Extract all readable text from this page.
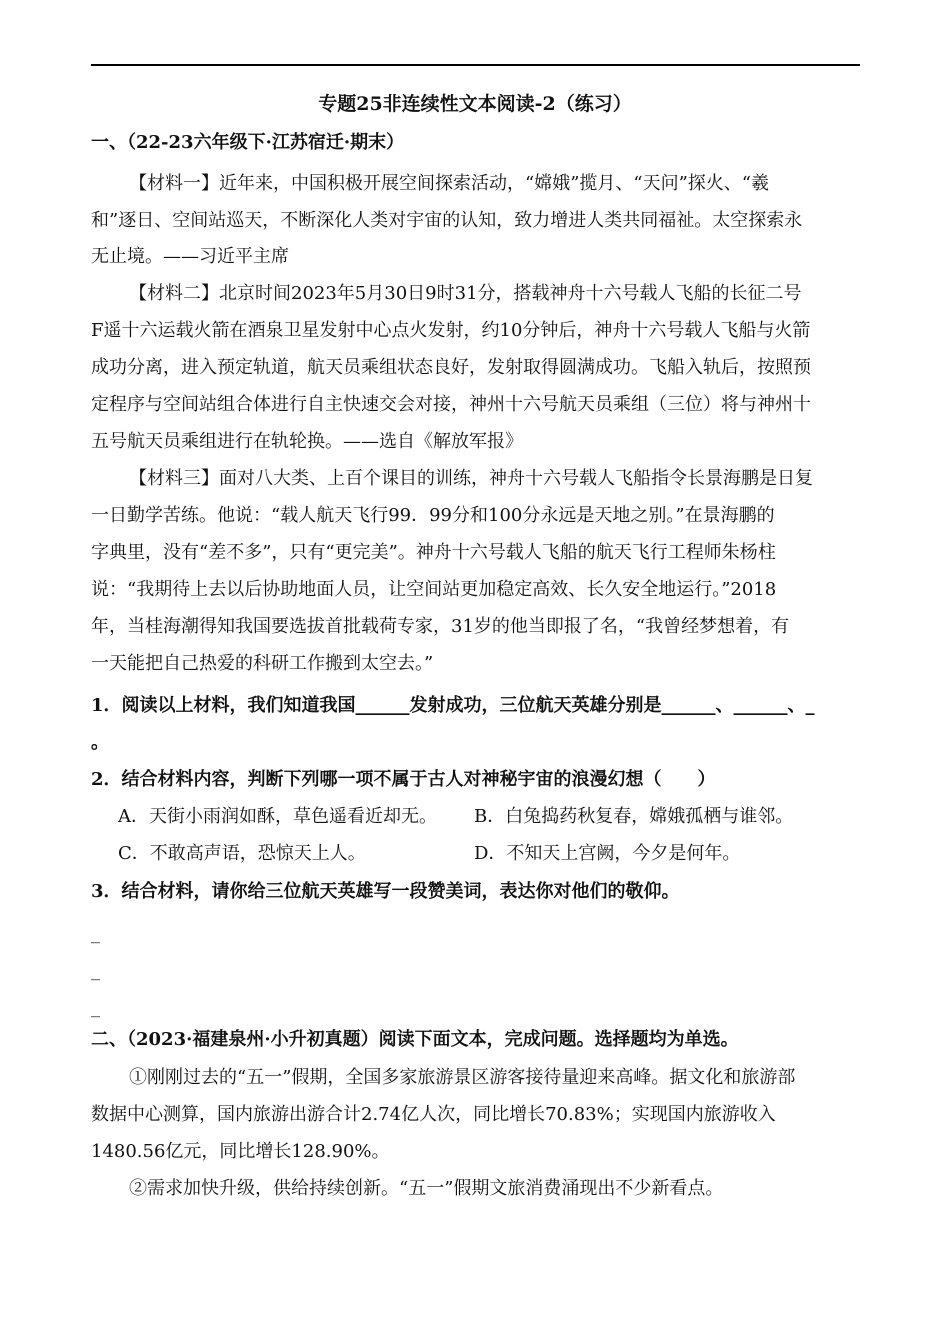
专题25非连续性文本阅读-2（练习）
一、（22-23六年级下·江苏宿迁·期末）
【材料一】近年来，中国积极开展空间探索活动，“嫦娥”揽月、“天问”探火、“羲
和”逐日、空间站巡天，不断深化人类对宇宙的认知，致力增进人类共同福祉。太空探索永
无止境。——习近平主席
【材料二】北京时间2023年5月30日9时31分，搭载神舟十六号载人飞船的长征二号
F遥十六运载火箭在酒泉卫星发射中心点火发射，约10分钟后，神舟十六号载人飞船与火箭
成功分离，进入预定轨道，航天员乘组状态良好，发射取得圆满成功。飞船入轨后，按照预
定程序与空间站组合体进行自主快速交会对接，神州十六号航天员乘组（三位）将与神州十
五号航天员乘组进行在轨轮换。——选自《解放军报》
【材料三】面对八大类、上百个课目的训练，神舟十六号载人飞船指令长景海鹏是日复
一日勤学苦练。他说：“载人航天飞行99．99分和100分永远是天地之别。”在景海鹏的
字典里，没有“差不多”，只有“更完美”。神舟十六号载人飞船的航天飞行工程师朱杨柱
说：“我期待上去以后协助地面人员，让空间站更加稳定高效、长久安全地运行。”2018
年，当桂海潮得知我国要选拔首批载荷专家，31岁的他当即报了名，“我曾经梦想着，有
一天能把自己热爱的科研工作搬到太空去。”
1．阅读以上材料，我们知道我国______发射成功，三位航天英雄分别是______、______、_
。
2．结合材料内容，判断下列哪一项不属于古人对神秘宇宙的浪漫幻想（　　）
A．天街小雨润如酥，草色遥看近却无。 B．白兔捣药秋复春，嫦娥孤栖与谁邻。
C．不敢高声语，恐惊天上人。	D．不知天上宫阙，今夕是何年。
3．结合材料，请你给三位航天英雄写一段赞美词，表达你对他们的敬仰。
_
_
_
二、（2023·福建泉州·小升初真题）阅读下面文本，完成问题。选择题均为单选。
①刚刚过去的“五一”假期，全国多家旅游景区游客接待量迎来高峰。据文化和旅游部
数据中心测算，国内旅游出游合计2.74亿人次，同比增长70.83%；实现国内旅游收入
1480.56亿元，同比增长128.90%。
②需求加快升级，供给持续创新。“五一”假期文旅消费涌现出不少新看点。
